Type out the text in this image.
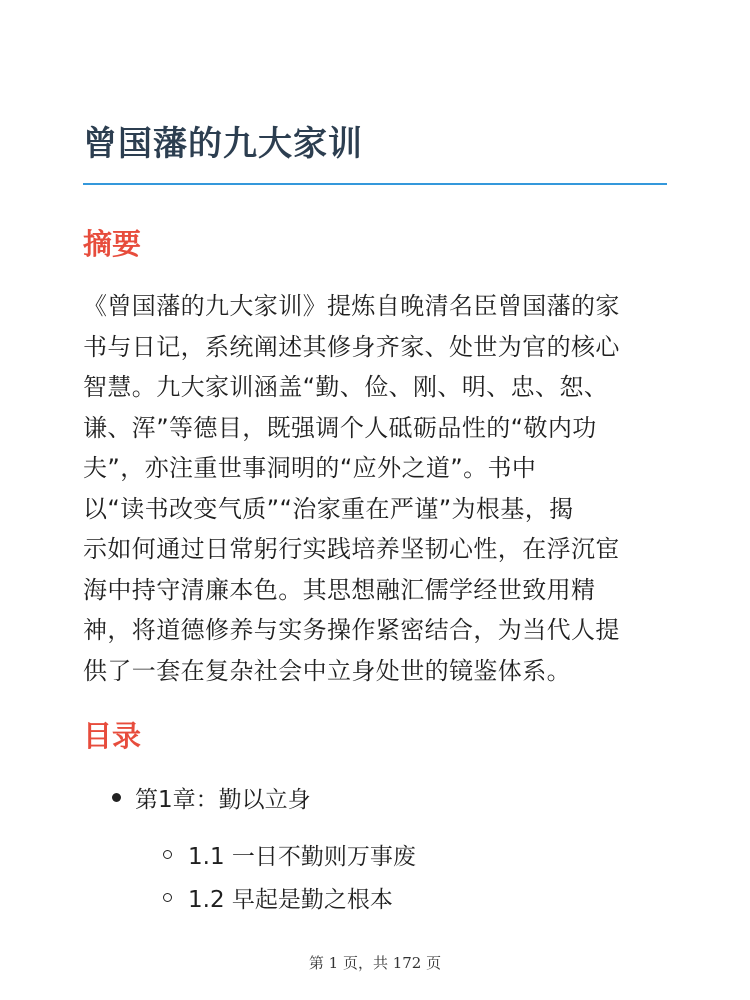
曾国藩的九大家训
摘要
《曾国藩的九大家训》提炼自晚清名臣曾国藩的家
书与日记，系统阐述其修身齐家、处世为官的核心
智慧。九大家训涵盖“勤、俭、刚、明、忠、恕、
谦、浑”等德目，既强调个人砥砺品性的“敬内功
夫”，亦注重世事洞明的“应外之道”。书中
以“读书改变气质”“治家重在严谨”为根基，揭
示如何通过日常躬行实践培养坚韧心性，在浮沉宦
海中持守清廉本色。其思想融汇儒学经世致用精
神，将道德修养与实务操作紧密结合，为当代人提
供了一套在复杂社会中立身处世的镜鉴体系。
目录
第1章：勤以立身
1.1 一日不勤则万事废
1.2 早起是勤之根本
第 1 页，共 172 页
